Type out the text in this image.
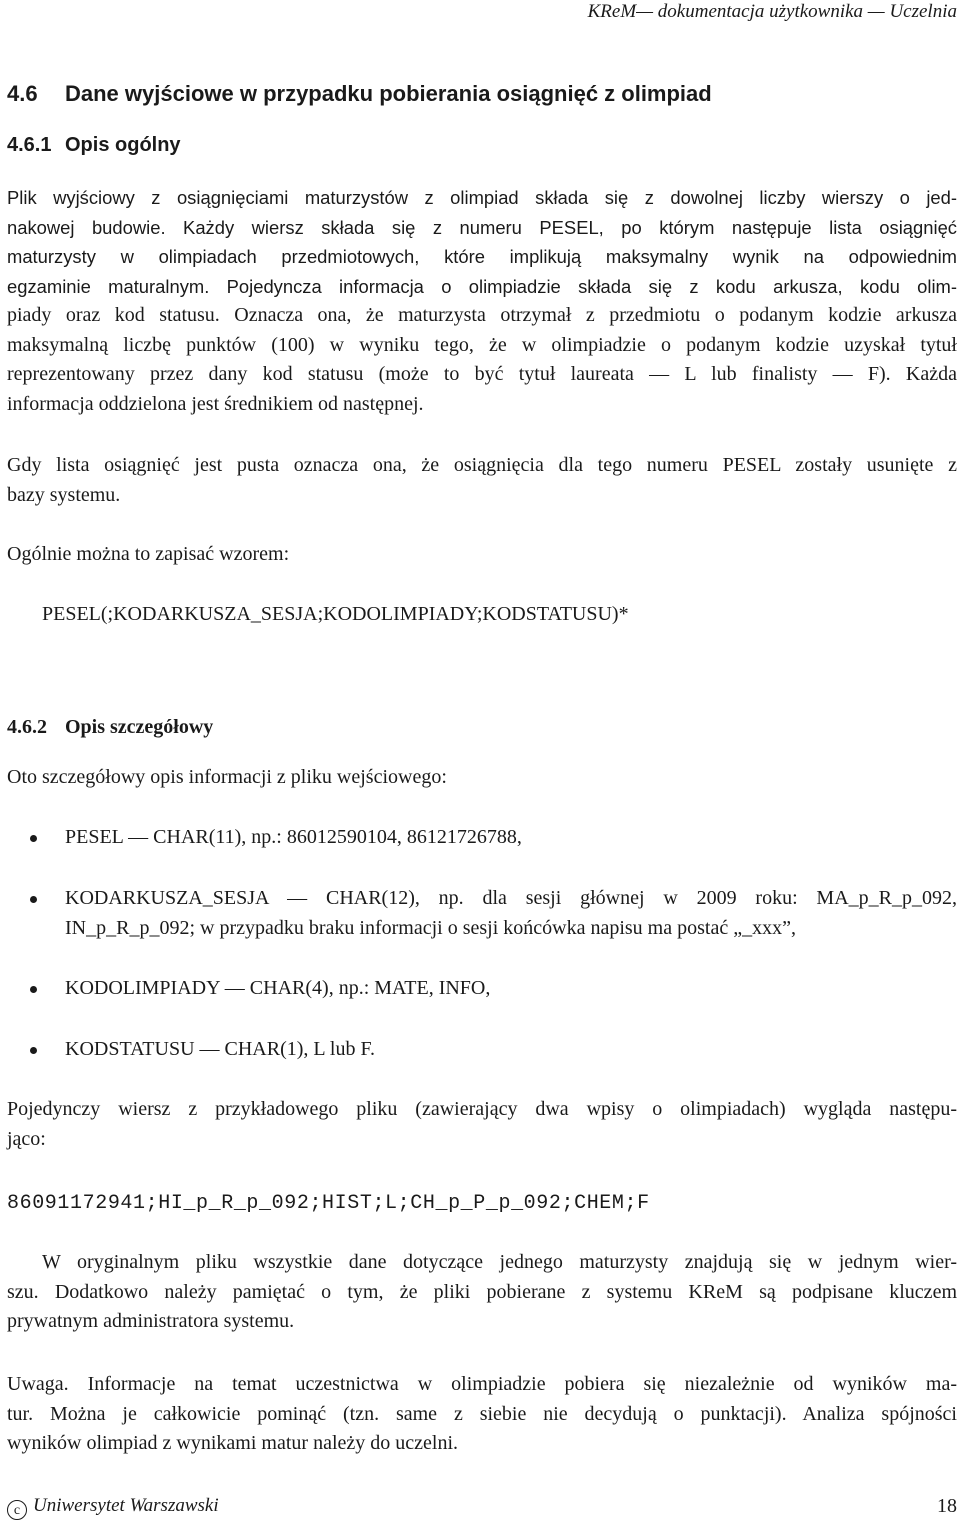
KReM— dokumentacja użytkownika — Uczelnia
4.6 Dane wyjściowe w przypadku pobierania osiągnięć z olimpiad
4.6.1 Opis ogólny
Plik wyjściowy z osiągnięciami maturzystów z olimpiad składa się z dowolnej liczby wierszy o jed-
nakowej budowie. Każdy wiersz składa się z numeru PESEL, po którym następuje lista osiągnięć
maturzysty w olimpiadach przedmiotowych, które implikują maksymalny wynik na odpowiednim
egzaminie maturalnym. Pojedyncza informacja o olimpiadzie składa się z kodu arkusza, kodu olim-
piady oraz kod statusu. Oznacza ona, że maturzysta otrzymał z przedmiotu o podanym kodzie arkusza
maksymalną liczbę punktów (100) w wyniku tego, że w olimpiadzie o podanym kodzie uzyskał tytuł
reprezentowany przez dany kod statusu (może to być tytuł laureata — L lub finalisty — F). Każda
informacja oddzielona jest średnikiem od następnej.
Gdy lista osiągnięć jest pusta oznacza ona, że osiągnięcia dla tego numeru PESEL zostały usunięte z
bazy systemu.
Ogólnie można to zapisać wzorem:
PESEL(;KODARKUSZA_SESJA;KODOLIMPIADY;KODSTATUSU)*
4.6.2 Opis szczegółowy
Oto szczegółowy opis informacji z pliku wejściowego:
PESEL — CHAR(11), np.: 86012590104, 86121726788,
KODARKUSZA_SESJA — CHAR(12), np. dla sesji głównej w 2009 roku: MA_p_R_p_092,
IN_p_R_p_092; w przypadku braku informacji o sesji końcówka napisu ma postać „_xxx”,
KODOLIMPIADY — CHAR(4), np.: MATE, INFO,
KODSTATUSU — CHAR(1), L lub F.
Pojedynczy wiersz z przykładowego pliku (zawierający dwa wpisy o olimpiadach) wygląda następu-
jąco:
86091172941;HI_p_R_p_092;HIST;L;CH_p_P_p_092;CHEM;F
W oryginalnym pliku wszystkie dane dotyczące jednego maturzysty znajdują się w jednym wier-
szu. Dodatkowo należy pamiętać o tym, że pliki pobierane z systemu KReM są podpisane kluczem
prywatnym administratora systemu.
Uwaga. Informacje na temat uczestnictwa w olimpiadzie pobiera się niezależnie od wyników ma-
tur. Można je całkowicie pominąć (tzn. same z siebie nie decydują o punktacji). Analiza spójności
wyników olimpiad z wynikami matur należy do uczelni.
c Uniwersytet Warszawski	18
